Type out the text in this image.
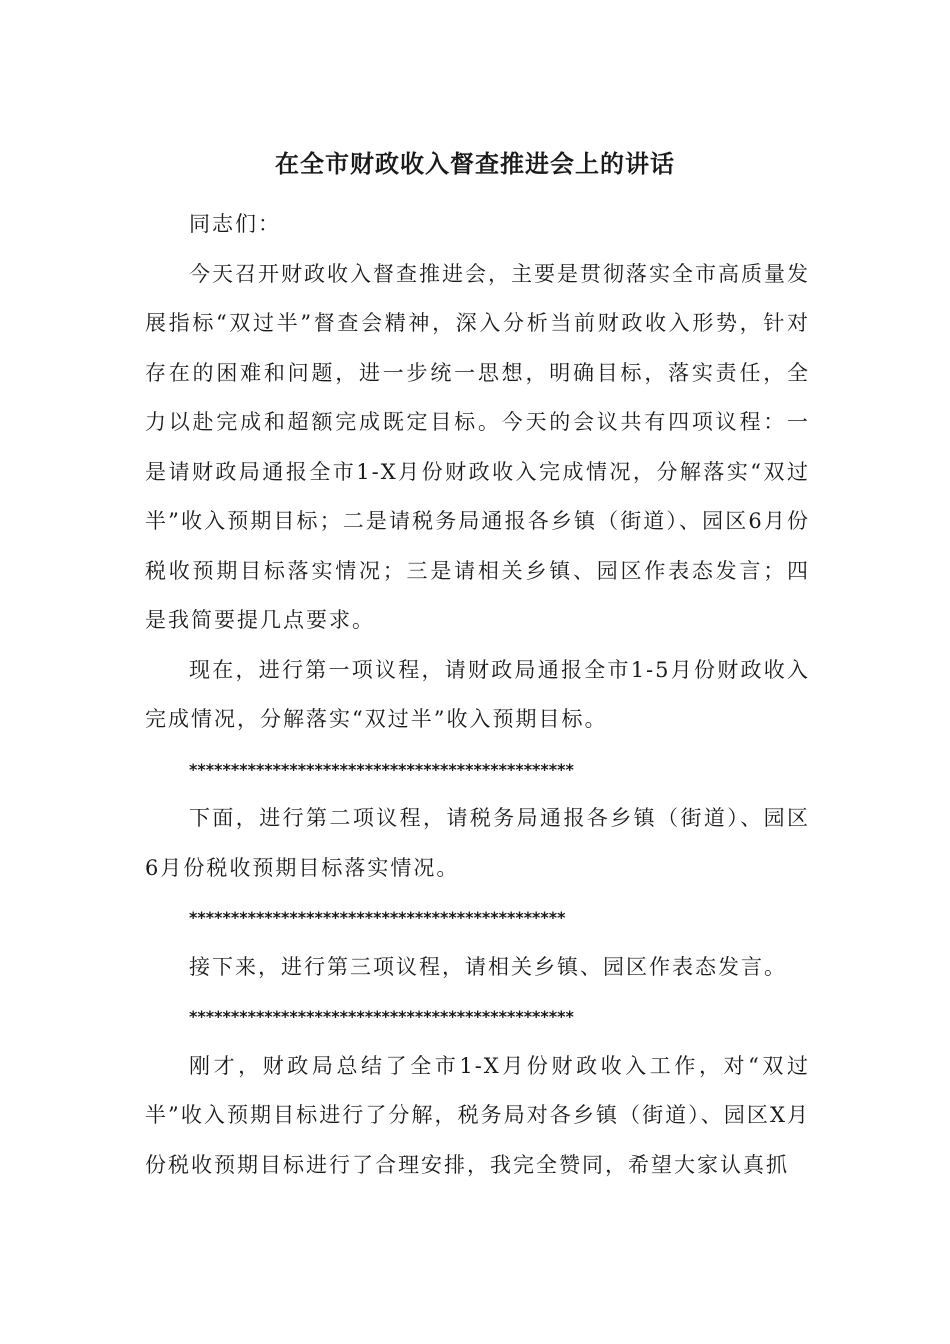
在全市财政收入督查推进会上的讲话

同志们：

今天召开财政收入督查推进会，主要是贯彻落实全市高质量发展指标“双过半”督查会精神，深入分析当前财政收入形势，针对存在的困难和问题，进一步统一思想，明确目标，落实责任，全力以赴完成和超额完成既定目标。今天的会议共有四项议程：一是请财政局通报全市1-X月份财政收入完成情况，分解落实“双过半”收入预期目标；二是请税务局通报各乡镇（街道）、园区6月份税收预期目标落实情况；三是请相关乡镇、园区作表态发言；四是我简要提几点要求。

现在，进行第一项议程，请财政局通报全市1-5月份财政收入完成情况，分解落实“双过半”收入预期目标。

**********************************************

下面，进行第二项议程，请税务局通报各乡镇（街道）、园区6月份税收预期目标落实情况。

*********************************************

接下来，进行第三项议程，请相关乡镇、园区作表态发言。

**********************************************

刚才，财政局总结了全市1-X月份财政收入工作，对“双过半”收入预期目标进行了分解，税务局对各乡镇（街道）、园区X月份税收预期目标进行了合理安排，我完全赞同，希望大家认真抓
